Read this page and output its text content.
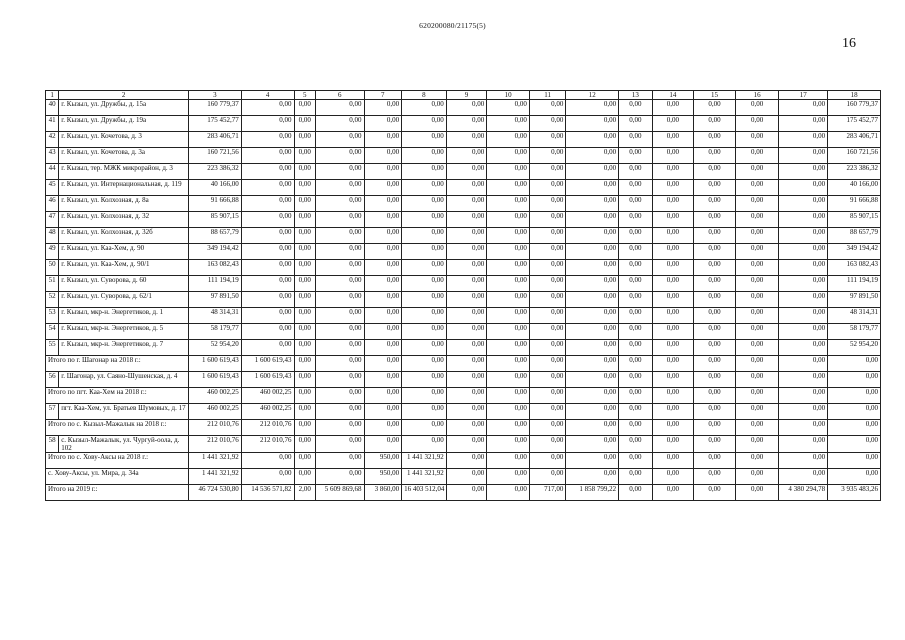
620200080/21175(5)
16
1	2	3	4	5	6	7	8	9	10	11	12	13	14	15	16	17	18
40	г. Кызыл, ул. Дружбы, д. 15а	160 779,37	0,00	0,00	0,00	0,00	0,00	0,00	0,00	0,00	0,00	0,00	0,00	0,00	0,00	0,00	160 779,37
41	г. Кызыл, ул. Дружбы, д. 19а	175 452,77	0,00	0,00	0,00	0,00	0,00	0,00	0,00	0,00	0,00	0,00	0,00	0,00	0,00	0,00	175 452,77
42	г. Кызыл, ул. Кочетова, д. 3	283 406,71	0,00	0,00	0,00	0,00	0,00	0,00	0,00	0,00	0,00	0,00	0,00	0,00	0,00	0,00	283 406,71
43	г. Кызыл, ул. Кочетова, д. 3а	160 721,56	0,00	0,00	0,00	0,00	0,00	0,00	0,00	0,00	0,00	0,00	0,00	0,00	0,00	0,00	160 721,56
44	г. Кызыл, тер. МЖК микрорайон, д. 3	223 386,32	0,00	0,00	0,00	0,00	0,00	0,00	0,00	0,00	0,00	0,00	0,00	0,00	0,00	0,00	223 386,32
45	г. Кызыл, ул. Интернациональная, д. 119	40 166,00	0,00	0,00	0,00	0,00	0,00	0,00	0,00	0,00	0,00	0,00	0,00	0,00	0,00	0,00	40 166,00
46	г. Кызыл, ул. Колхозная, д. 8а	91 666,88	0,00	0,00	0,00	0,00	0,00	0,00	0,00	0,00	0,00	0,00	0,00	0,00	0,00	0,00	91 666,88
47	г. Кызыл, ул. Колхозная, д. 32	85 907,15	0,00	0,00	0,00	0,00	0,00	0,00	0,00	0,00	0,00	0,00	0,00	0,00	0,00	0,00	85 907,15
48	г. Кызыл, ул. Колхозная, д. 32б	88 657,79	0,00	0,00	0,00	0,00	0,00	0,00	0,00	0,00	0,00	0,00	0,00	0,00	0,00	0,00	88 657,79
49	г. Кызыл, ул. Каа-Хем, д. 90	349 194,42	0,00	0,00	0,00	0,00	0,00	0,00	0,00	0,00	0,00	0,00	0,00	0,00	0,00	0,00	349 194,42
50	г. Кызыл, ул. Каа-Хем, д. 90/1	163 082,43	0,00	0,00	0,00	0,00	0,00	0,00	0,00	0,00	0,00	0,00	0,00	0,00	0,00	0,00	163 082,43
51	г. Кызыл, ул. Суворова, д. 60	111 194,19	0,00	0,00	0,00	0,00	0,00	0,00	0,00	0,00	0,00	0,00	0,00	0,00	0,00	0,00	111 194,19
52	г. Кызыл, ул. Суворова, д. 62/1	97 891,50	0,00	0,00	0,00	0,00	0,00	0,00	0,00	0,00	0,00	0,00	0,00	0,00	0,00	0,00	97 891,50
53	г. Кызыл, мкр-н. Энергетиков, д. 1	48 314,31	0,00	0,00	0,00	0,00	0,00	0,00	0,00	0,00	0,00	0,00	0,00	0,00	0,00	0,00	48 314,31
54	г. Кызыл, мкр-н. Энергетиков, д. 5	58 179,77	0,00	0,00	0,00	0,00	0,00	0,00	0,00	0,00	0,00	0,00	0,00	0,00	0,00	0,00	58 179,77
55	г. Кызыл, мкр-н. Энергетиков, д. 7	52 954,20	0,00	0,00	0,00	0,00	0,00	0,00	0,00	0,00	0,00	0,00	0,00	0,00	0,00	0,00	52 954,20
Итого по г. Шагонар на 2018 г.:		1 600 619,43	1 600 619,43	0,00	0,00	0,00	0,00	0,00	0,00	0,00	0,00	0,00	0,00	0,00	0,00	0,00	0,00
56	г. Шагонар, ул. Саяно-Шушенская, д. 4	1 600 619,43	1 600 619,43	0,00	0,00	0,00	0,00	0,00	0,00	0,00	0,00	0,00	0,00	0,00	0,00	0,00	0,00
Итого по пгт. Каа-Хем на 2018 г.:		460 002,25	460 002,25	0,00	0,00	0,00	0,00	0,00	0,00	0,00	0,00	0,00	0,00	0,00	0,00	0,00	0,00
57	пгт. Каа-Хем, ул. Братьев Шумовых, д. 17	460 002,25	460 002,25	0,00	0,00	0,00	0,00	0,00	0,00	0,00	0,00	0,00	0,00	0,00	0,00	0,00	0,00
Итого по с. Кызыл-Мажалык на 2018 г.:		212 010,76	212 010,76	0,00	0,00	0,00	0,00	0,00	0,00	0,00	0,00	0,00	0,00	0,00	0,00	0,00	0,00
58	с. Кызыл-Мажалык, ул. Чургуй-оола, д. 102	212 010,76	212 010,76	0,00	0,00	0,00	0,00	0,00	0,00	0,00	0,00	0,00	0,00	0,00	0,00	0,00	0,00
Итого по с. Хову-Аксы на 2018 г.:		1 441 321,92	0,00	0,00	0,00	950,00	1 441 321,92	0,00	0,00	0,00	0,00	0,00	0,00	0,00	0,00	0,00	0,00
с. Хову-Аксы, ул. Мира, д. 34а		1 441 321,92	0,00	0,00	0,00	950,00	1 441 321,92	0,00	0,00	0,00	0,00	0,00	0,00	0,00	0,00	0,00	0,00
Итого на 2019 г.:		46 724 530,80	14 536 571,82	2,00	5 609 869,68	3 860,00	16 403 512,04	0,00	0,00	717,00	1 858 799,22	0,00	0,00	0,00	0,00	4 380 294,78	3 935 483,26
